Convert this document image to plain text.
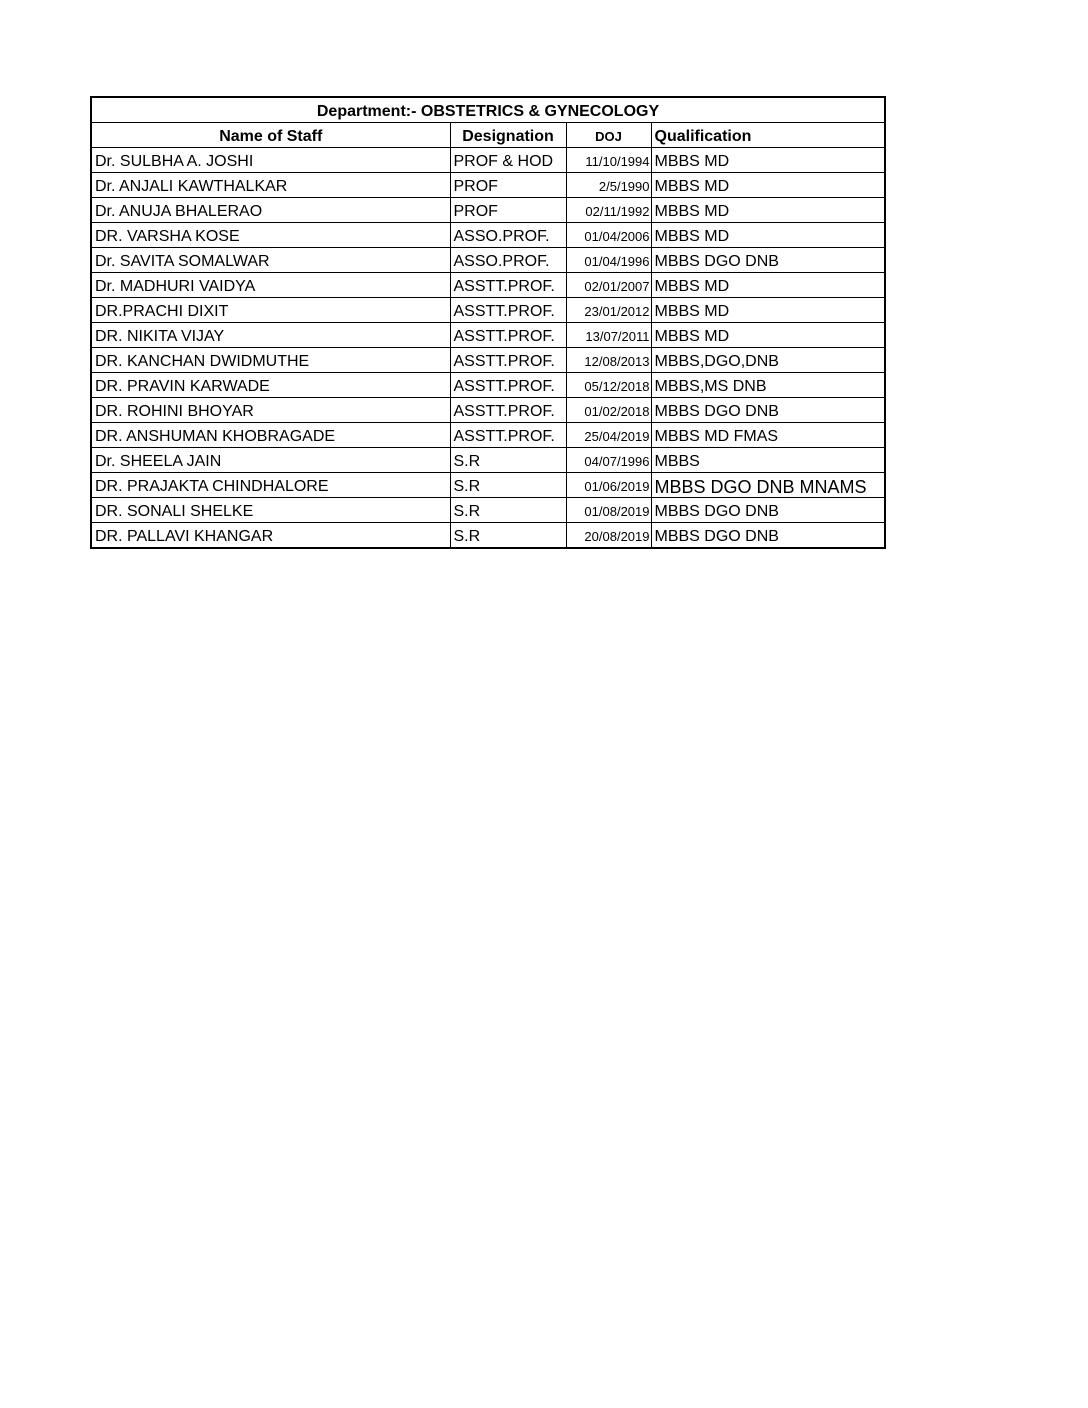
Department:- OBSTETRICS & GYNECOLOGY			
Name of Staff	Designation	DOJ	Qualification
Dr. SULBHA A. JOSHI	PROF & HOD	11/10/1994	MBBS MD
Dr. ANJALI KAWTHALKAR	PROF	2/5/1990	MBBS MD
Dr. ANUJA BHALERAO	PROF	02/11/1992	MBBS MD
DR. VARSHA KOSE	ASSO.PROF.	01/04/2006	MBBS MD
Dr. SAVITA SOMALWAR	ASSO.PROF.	01/04/1996	MBBS DGO DNB
Dr. MADHURI VAIDYA	ASSTT.PROF.	02/01/2007	MBBS MD
DR.PRACHI DIXIT	ASSTT.PROF.	23/01/2012	MBBS MD
DR. NIKITA VIJAY	ASSTT.PROF.	13/07/2011	MBBS MD
DR. KANCHAN DWIDMUTHE	ASSTT.PROF.	12/08/2013	MBBS,DGO,DNB
DR. PRAVIN KARWADE	ASSTT.PROF.	05/12/2018	MBBS,MS DNB
DR. ROHINI BHOYAR	ASSTT.PROF.	01/02/2018	MBBS DGO DNB
DR. ANSHUMAN KHOBRAGADE	ASSTT.PROF.	25/04/2019	MBBS MD FMAS
Dr. SHEELA JAIN	S.R	04/07/1996	MBBS
DR. PRAJAKTA CHINDHALORE	S.R	01/06/2019	MBBS DGO DNB MNAMS
DR. SONALI SHELKE	S.R	01/08/2019	MBBS DGO DNB
DR. PALLAVI KHANGAR	S.R	20/08/2019	MBBS DGO DNB
